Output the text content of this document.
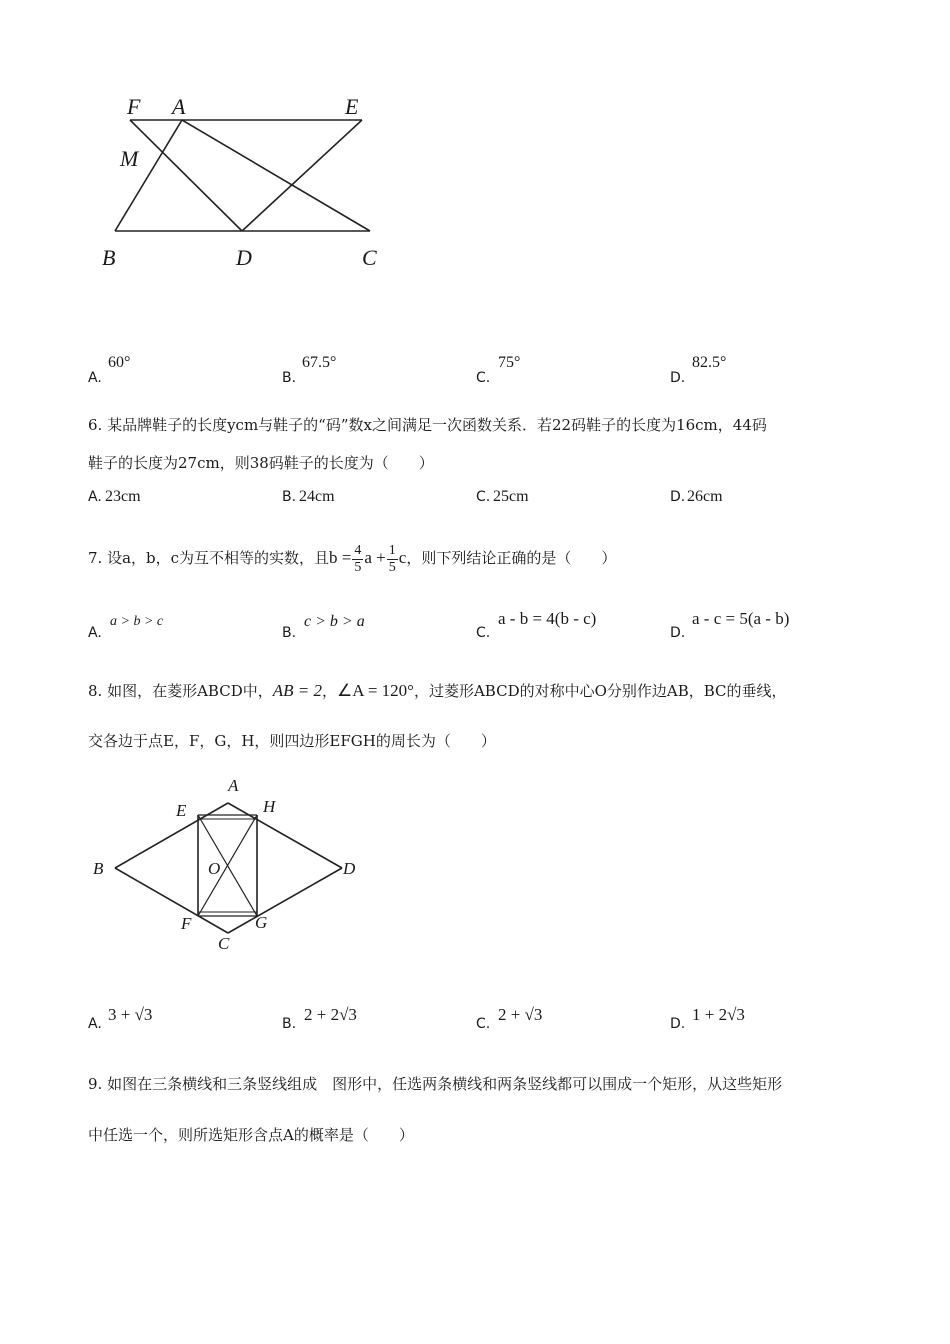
F A	E
M
B	D	C
A.
60°
B.
67.5°
C.
75°
D.
82.5°
6. 某品牌鞋子的长度ycm与鞋子的“码”数x之间满足一次函数关系．若22码鞋子的长度为16cm，44码
鞋子的长度为27cm，则38码鞋子的长度为（　　）
A. 23cm	B. 24cm	C. 25cm	D. 26cm
7. 设a，b，c为互不相等的实数，且$b = \frac{4}{5}$ $a + \frac{1}{5}$ c，则下列结论正确的是（　　）
A.
a > b > c
B.
c > b > a
C.
a - b = 4(b - c)
D.
a - c = 5(a - b)
8. 如图，在菱形ABCD中，AB = 2，∠A = 120°，过菱形ABCD的对称中心O分别作边AB，BC的垂线，
交各边于点E，F，G，H，则四边形EFGH的周长为（　　）
A
E	H
B	O	D
F	G
C
A. 3 + √3	B. 2 + 2√3	C. 2 + √3	D. 1 + 2√3
9. 如图在三条横线和三条竖线组成　图形中，任选两条横线和两条竖线都可以围成一个矩形，从这些矩形
中任选一个，则所选矩形含点A的概率是（　　）
